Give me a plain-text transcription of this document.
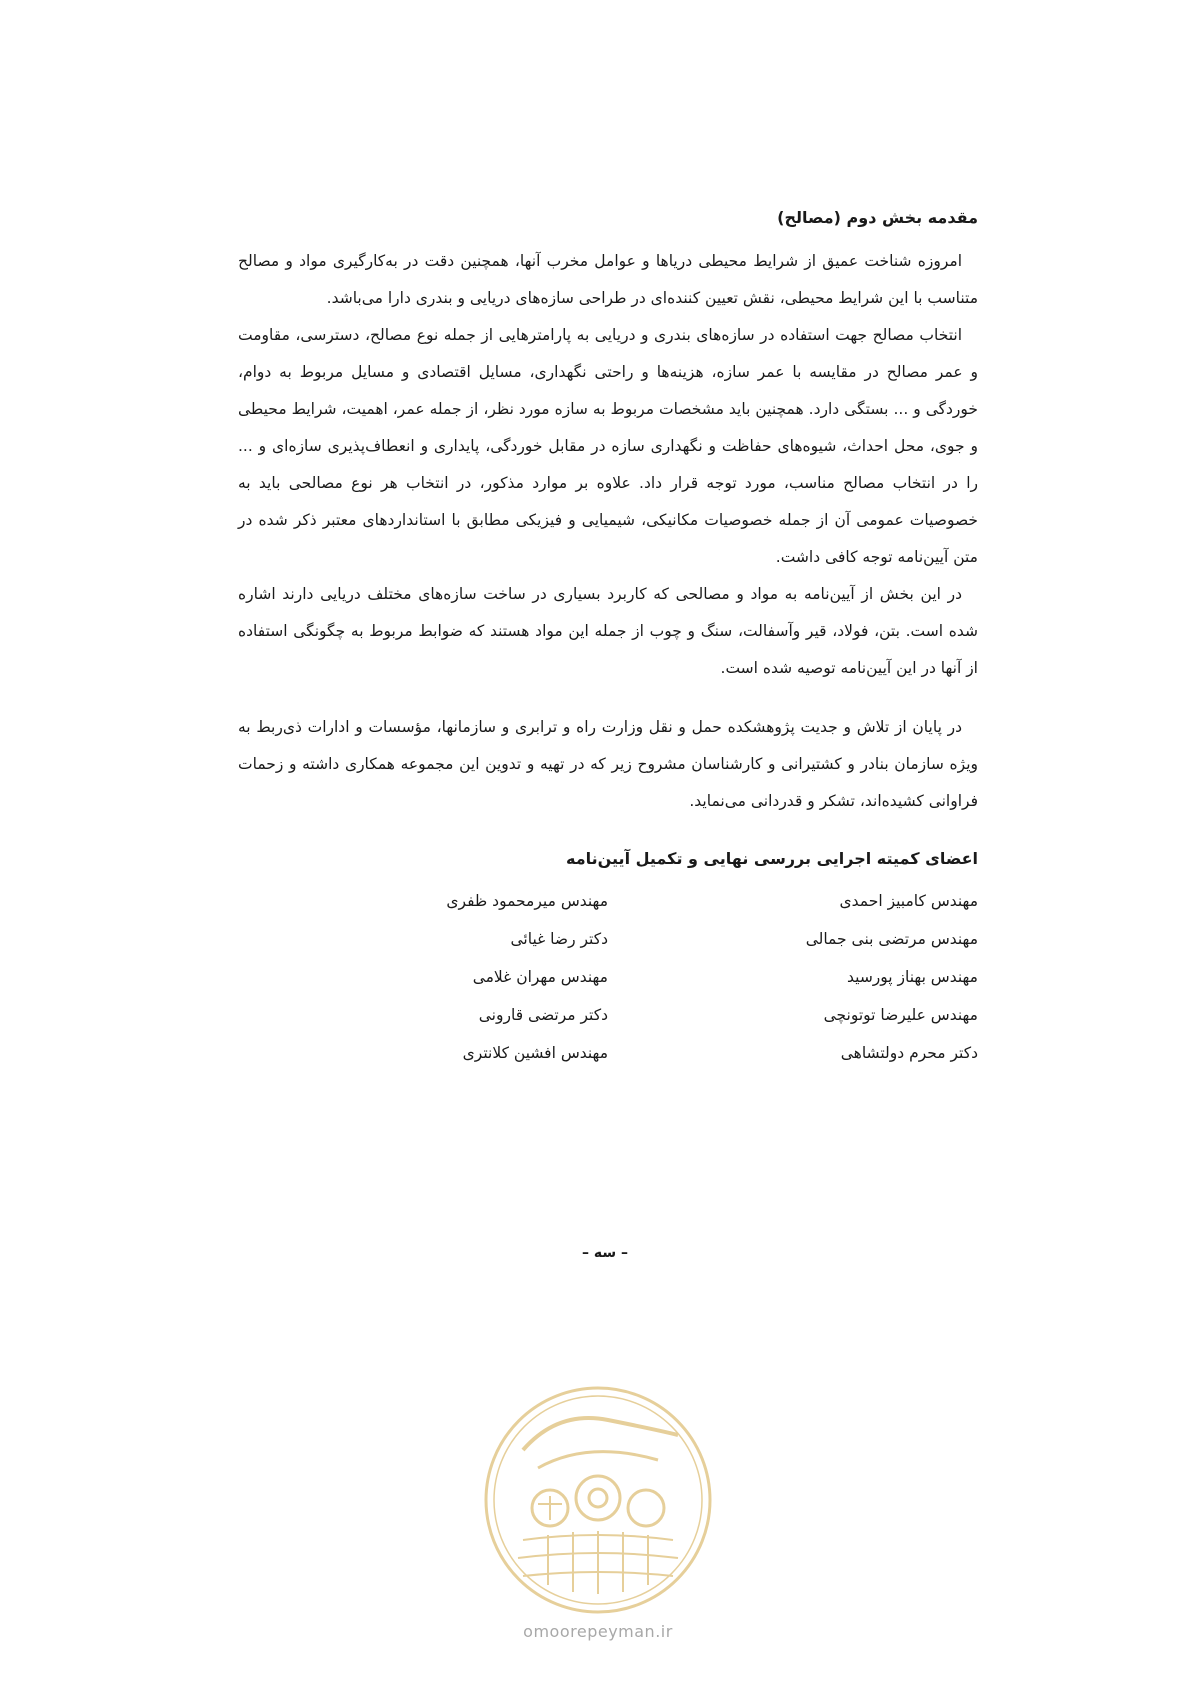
مقدمه بخش دوم (مصالح)

امروزه شناخت عمیق از شرایط محیطی دریاها و عوامل مخرب آنها، همچنین دقت در به‌کارگیری مواد و مصالح متناسب با این شرایط محیطی، نقش تعیین کننده‌ای در طراحی سازه‌های دریایی و بندری دارا می‌باشد.

انتخاب مصالح جهت استفاده در سازه‌های بندری و دریایی به پارامترهایی از جمله نوع مصالح، دسترسی، مقاومت و عمر مصالح در مقایسه با عمر سازه، هزینه‌ها و راحتی نگهداری، مسایل اقتصادی و مسایل مربوط به دوام، خوردگی و ... بستگی دارد. همچنین باید مشخصات مربوط به سازه مورد نظر، از جمله عمر، اهمیت، شرایط محیطی و جوی، محل احداث، شیوه‌های حفاظت و نگهداری سازه در مقابل خوردگی، پایداری و انعطاف‌پذیری سازه‌ای و ... را در انتخاب مصالح مناسب، مورد توجه قرار داد. علاوه بر موارد مذکور، در انتخاب هر نوع مصالحی باید به خصوصیات عمومی آن از جمله خصوصیات مکانیکی، شیمیایی و فیزیکی مطابق با استانداردهای معتبر ذکر شده در متن آیین‌نامه توجه کافی داشت.

در این بخش از آیین‌نامه به مواد و مصالحی که کاربرد بسیاری در ساخت سازه‌های مختلف دریایی دارند اشاره شده است. بتن، فولاد، قیر وآسفالت، سنگ و چوب از جمله این مواد هستند که ضوابط مربوط به چگونگی استفاده از آنها در این آیین‌نامه توصیه شده است.

در پایان از تلاش و جدیت پژوهشکده حمل و نقل وزارت راه و ترابری و سازمانها، مؤسسات و ادارات ذی‌ربط به ویژه سازمان بنادر و کشتیرانی و کارشناسان مشروح زیر که در تهیه و تدوین این مجموعه همکاری داشته و زحمات فراوانی کشیده‌اند، تشکر و قدردانی می‌نماید.

اعضای کمیته اجرایی بررسی نهایی و تکمیل آیین‌نامه
مهندس کامبیز احمدی
مهندس مرتضی بنی جمالی
مهندس بهناز پورسید
مهندس علیرضا توتونچی
دکتر محرم دولتشاهی
مهندس میرمحمود ظفری
دکتر رضا غیائی
مهندس مهران غلامی
دکتر مرتضی قارونی
مهندس افشین کلانتری
– سه –
omoorepeyman.ir
